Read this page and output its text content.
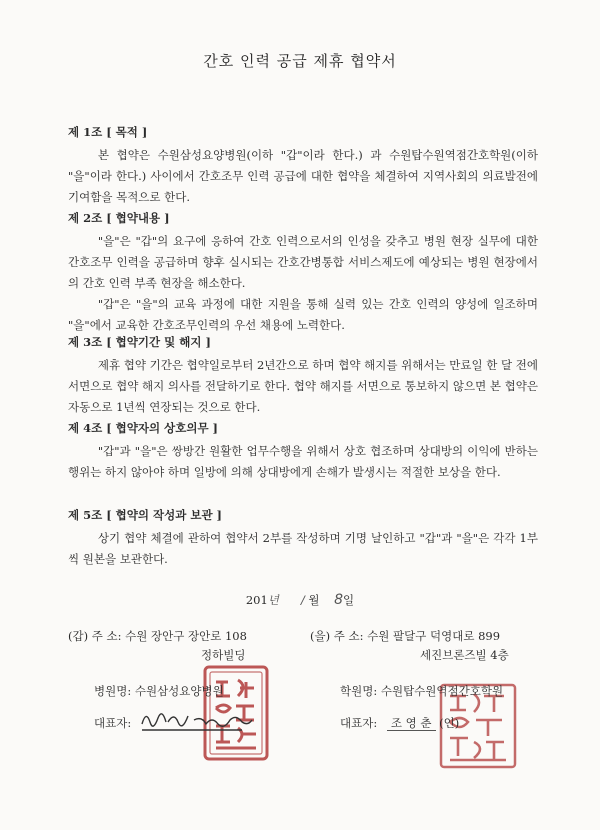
간호 인력 공급 제휴 협약서
제 1조 [ 목적 ]
본 협약은 수원삼성요양병원(이하 "갑"이라 한다.) 과 수원탑수원역점간호학원(이하 "을"이라 한다.) 사이에서 간호조무 인력 공급에 대한 협약을 체결하여 지역사회의 의료발전에 기여함을 목적으로 한다.
제 2조 [ 협약내용 ]
"을"은 "갑"의 요구에 응하여 간호 인력으로서의 인성을 갖추고 병원 현장 실무에 대한 간호조무 인력을 공급하며 향후 실시되는 간호간병통합 서비스제도에 예상되는 병원 현장에서의 간호 인력 부족 현장을 해소한다.
"갑"은 "을"의 교육 과정에 대한 지원을 통해 실력 있는 간호 인력의 양성에 일조하며 "을"에서 교육한 간호조무인력의 우선 채용에 노력한다.
제 3조 [ 협약기간 및 해지 ]
제휴 협약 기간은 협약일로부터 2년간으로 하며 협약 해지를 위해서는 만료일 한 달 전에 서면으로 협약 해지 의사를 전달하기로 한다. 협약 해지를 서면으로 통보하지 않으면 본 협약은 자동으로 1년씩 연장되는 것으로 한다.
제 4조 [ 협약자의 상호의무 ]
"갑"과 "을"은 쌍방간 원활한 업무수행을 위해서 상호 협조하며 상대방의 이익에 반하는 행위는 하지 않아야 하며 일방에 의해 상대방에게 손해가 발생시는 적절한 보상을 한다.
제 5조 [ 협약의 작성과 보관 ]
상기 협약 체결에 관하여 협약서 2부를 작성하며 기명 날인하고 "갑"과 "을"은 각각 1부씩 원본을 보관한다.
201년 / 월 8일
(갑) 주 소: 수원 장안구 장안로 108
정하빌딩
(을) 주 소: 수원 팔달구 덕영대로 899
세진브론즈빌 4층
병원명: 수원삼성요양병원	학원명: 수원탑수원역점간호학원
대표자:	대표자: 조 영 춘 (인)
